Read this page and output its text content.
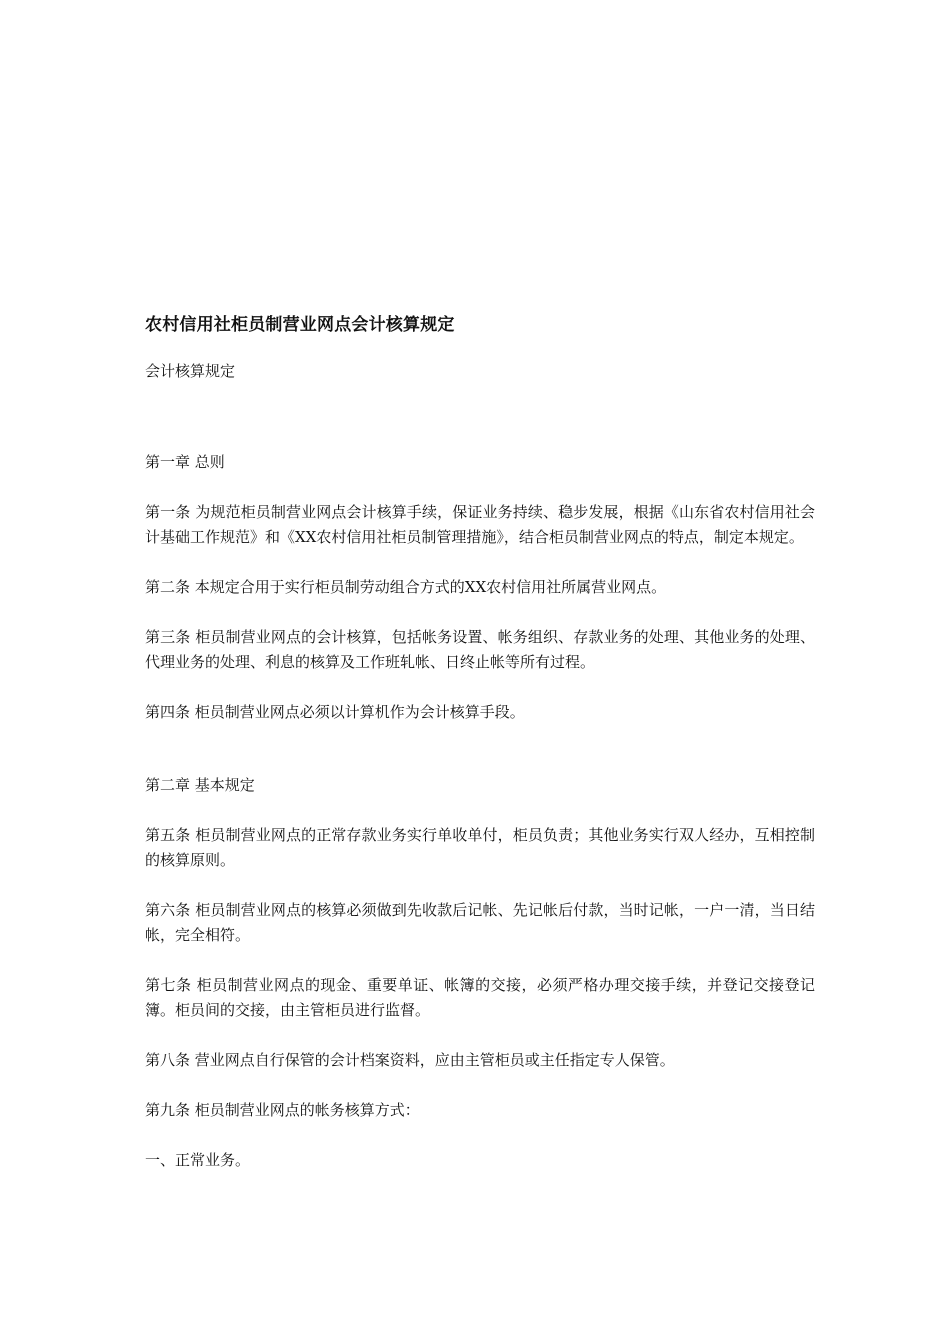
农村信用社柜员制营业网点会计核算规定

会计核算规定

第一章 总则

第一条 为规范柜员制营业网点会计核算手续，保证业务持续、稳步发展，根据《山东省农村信用社会计基础工作规范》和《XX农村信用社柜员制管理措施》，结合柜员制营业网点的特点，制定本规定。

第二条 本规定合用于实行柜员制劳动组合方式的XX农村信用社所属营业网点。

第三条 柜员制营业网点的会计核算，包括帐务设置、帐务组织、存款业务的处理、其他业务的处理、代理业务的处理、利息的核算及工作班轧帐、日终止帐等所有过程。

第四条 柜员制营业网点必须以计算机作为会计核算手段。

第二章 基本规定

第五条 柜员制营业网点的正常存款业务实行单收单付，柜员负责；其他业务实行双人经办，互相控制的核算原则。

第六条 柜员制营业网点的核算必须做到先收款后记帐、先记帐后付款，当时记帐，一户一清，当日结帐，完全相符。

第七条 柜员制营业网点的现金、重要单证、帐簿的交接，必须严格办理交接手续，并登记交接登记簿。柜员间的交接，由主管柜员进行监督。

第八条 营业网点自行保管的会计档案资料，应由主管柜员或主任指定专人保管。

第九条 柜员制营业网点的帐务核算方式：

一、正常业务。
